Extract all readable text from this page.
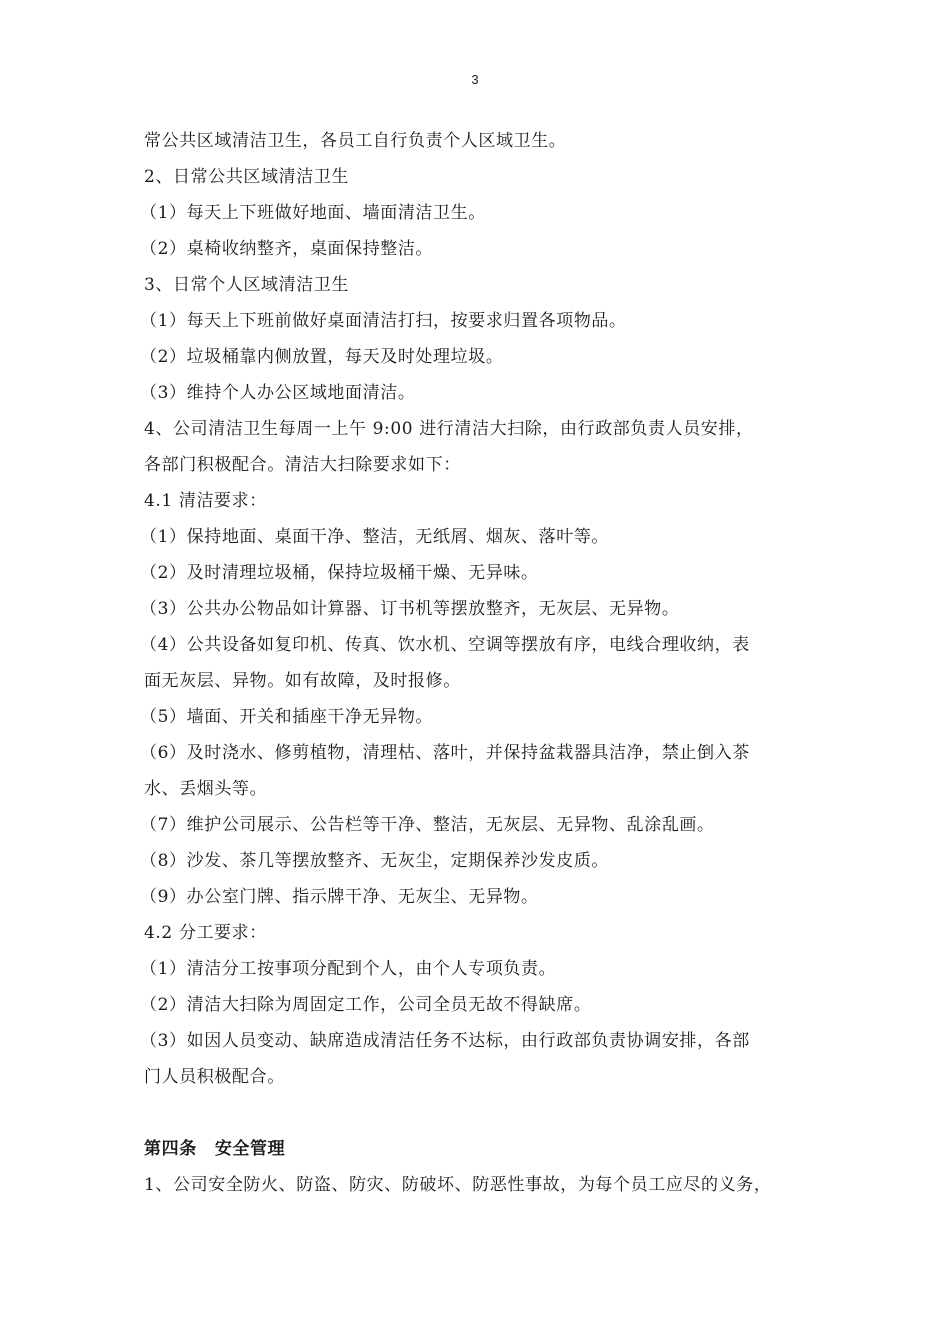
3
常公共区域清洁卫生，各员工自行负责个人区域卫生。
2、日常公共区域清洁卫生
（1）每天上下班做好地面、墙面清洁卫生。
（2）桌椅收纳整齐，桌面保持整洁。
3、日常个人区域清洁卫生
（1）每天上下班前做好桌面清洁打扫，按要求归置各项物品。
（2）垃圾桶靠内侧放置，每天及时处理垃圾。
（3）维持个人办公区域地面清洁。
4、公司清洁卫生每周一上午 9:00 进行清洁大扫除，由行政部负责人员安排，
各部门积极配合。清洁大扫除要求如下：
4.1 清洁要求：
（1）保持地面、桌面干净、整洁，无纸屑、烟灰、落叶等。
（2）及时清理垃圾桶，保持垃圾桶干燥、无异味。
（3）公共办公物品如计算器、订书机等摆放整齐，无灰层、无异物。
（4）公共设备如复印机、传真、饮水机、空调等摆放有序，电线合理收纳，表
面无灰层、异物。如有故障，及时报修。
（5）墙面、开关和插座干净无异物。
（6）及时浇水、修剪植物，清理枯、落叶，并保持盆栽器具洁净，禁止倒入茶
水、丢烟头等。
（7）维护公司展示、公告栏等干净、整洁，无灰层、无异物、乱涂乱画。
（8）沙发、茶几等摆放整齐、无灰尘，定期保养沙发皮质。
（9）办公室门牌、指示牌干净、无灰尘、无异物。
4.2 分工要求：
（1）清洁分工按事项分配到个人，由个人专项负责。
（2）清洁大扫除为周固定工作，公司全员无故不得缺席。
（3）如因人员变动、缺席造成清洁任务不达标，由行政部负责协调安排，各部
门人员积极配合。
第四条 安全管理
1、公司安全防火、防盗、防灾、防破坏、防恶性事故，为每个员工应尽的义务，
